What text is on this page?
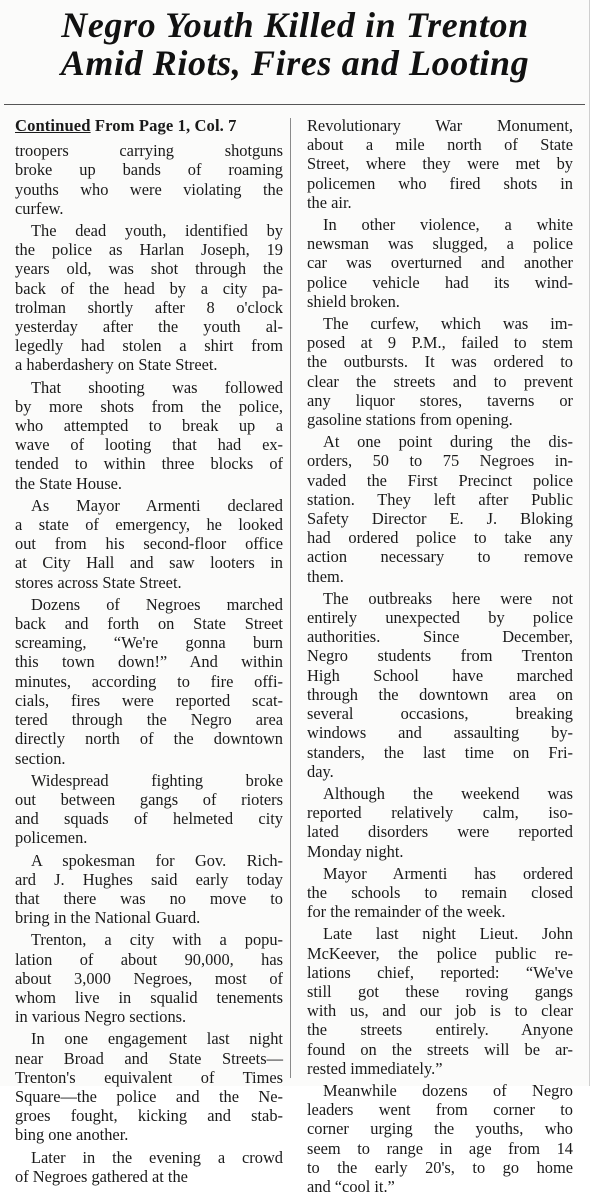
Negro Youth Killed in Trenton
Amid Riots, Fires and Looting
Continued From Page 1, Col. 7

troopers carrying shotguns
broke up bands of roaming
youths who were violating the
curfew.

The dead youth, identified by
the police as Harlan Joseph, 19
years old, was shot through the
back of the head by a city pa-
trolman shortly after 8 o'clock
yesterday after the youth al-
legedly had stolen a shirt from
a haberdashery on State Street.

That shooting was followed
by more shots from the police,
who attempted to break up a
wave of looting that had ex-
tended to within three blocks of
the State House.

As Mayor Armenti declared
a state of emergency, he looked
out from his second-floor office
at City Hall and saw looters in
stores across State Street.

Dozens of Negroes marched
back and forth on State Street
screaming, “We're gonna burn
this town down!” And within
minutes, according to fire offi-
cials, fires were reported scat-
tered through the Negro area
directly north of the downtown
section.

Widespread fighting broke
out between gangs of rioters
and squads of helmeted city
policemen.

A spokesman for Gov. Rich-
ard J. Hughes said early today
that there was no move to
bring in the National Guard.

Trenton, a city with a popu-
lation of about 90,000, has
about 3,000 Negroes, most of
whom live in squalid tenements
in various Negro sections.

In one engagement last night
near Broad and State Streets—
Trenton's equivalent of Times
Square—the police and the Ne-
groes fought, kicking and stab-
bing one another.

Later in the evening a crowd
of Negroes gathered at the

Revolutionary War Monument,
about a mile north of State
Street, where they were met by
policemen who fired shots in
the air.

In other violence, a white
newsman was slugged, a police
car was overturned and another
police vehicle had its wind-
shield broken.

The curfew, which was im-
posed at 9 P.M., failed to stem
the outbursts. It was ordered to
clear the streets and to prevent
any liquor stores, taverns or
gasoline stations from opening.

At one point during the dis-
orders, 50 to 75 Negroes in-
vaded the First Precinct police
station. They left after Public
Safety Director E. J. Bloking
had ordered police to take any
action necessary to remove
them.

The outbreaks here were not
entirely unexpected by police
authorities. Since December,
Negro students from Trenton
High School have marched
through the downtown area on
several occasions, breaking
windows and assaulting by-
standers, the last time on Fri-
day.

Although the weekend was
reported relatively calm, iso-
lated disorders were reported
Monday night.

Mayor Armenti has ordered
the schools to remain closed
for the remainder of the week.

Late last night Lieut. John
McKeever, the police public re-
lations chief, reported: “We've
still got these roving gangs
with us, and our job is to clear
the streets entirely. Anyone
found on the streets will be ar-
rested immediately.”

Meanwhile dozens of Negro
leaders went from corner to
corner urging the youths, who
seem to range in age from 14
to the early 20's, to go home
and “cool it.”
